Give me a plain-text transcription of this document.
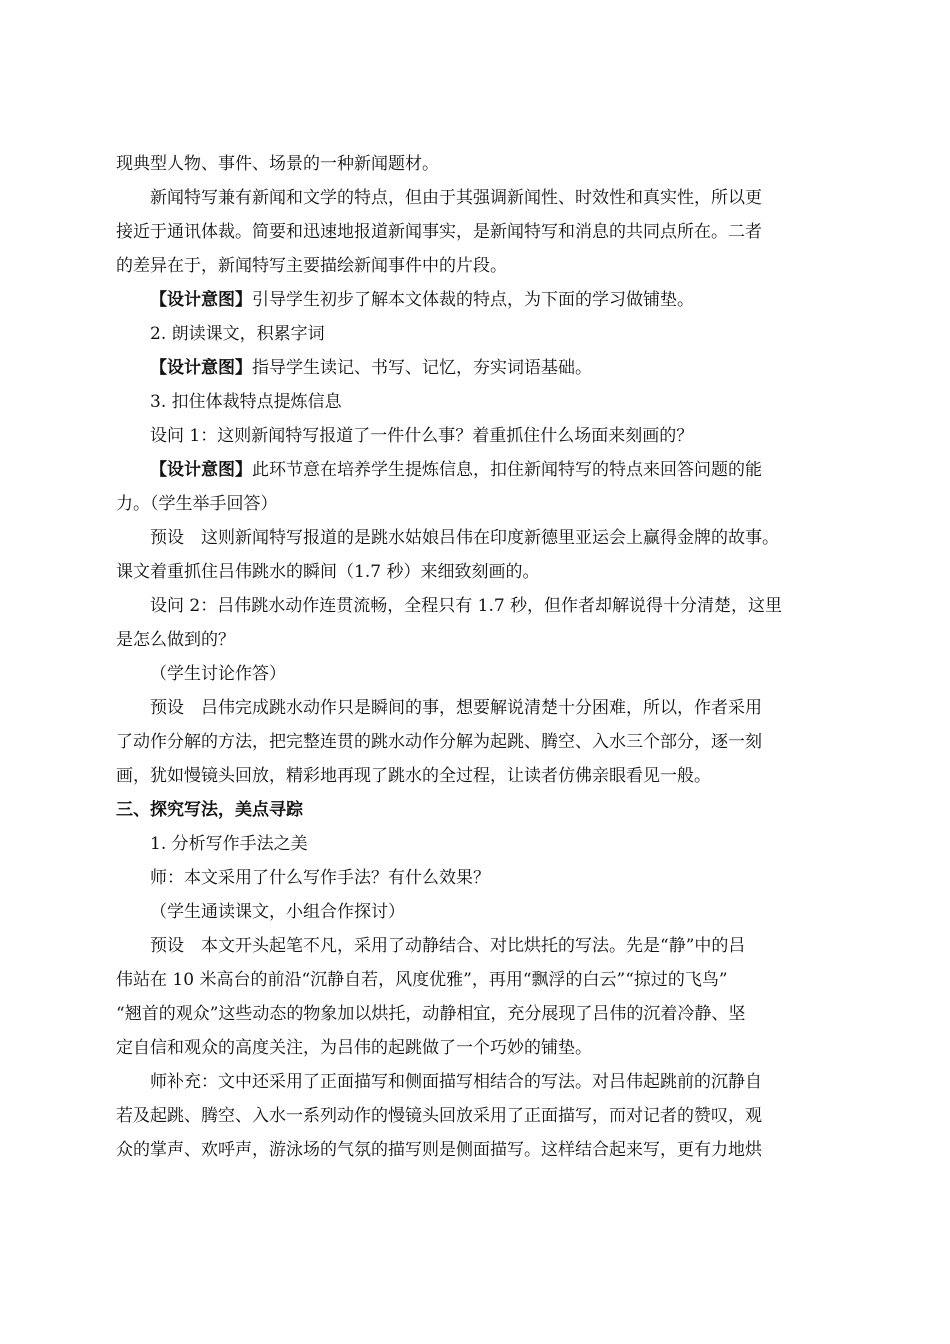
现典型人物、事件、场景的一种新闻题材。
新闻特写兼有新闻和文学的特点，但由于其强调新闻性、时效性和真实性，所以更
接近于通讯体裁。简要和迅速地报道新闻事实，是新闻特写和消息的共同点所在。二者
的差异在于，新闻特写主要描绘新闻事件中的片段。
【设计意图】引导学生初步了解本文体裁的特点，为下面的学习做铺垫。
2. 朗读课文，积累字词
【设计意图】指导学生读记、书写、记忆，夯实词语基础。
3. 扣住体裁特点提炼信息
设问 1：这则新闻特写报道了一件什么事？着重抓住什么场面来刻画的？
【设计意图】此环节意在培养学生提炼信息，扣住新闻特写的特点来回答问题的能
力。（学生举手回答）
预设　这则新闻特写报道的是跳水姑娘吕伟在印度新德里亚运会上赢得金牌的故事。
课文着重抓住吕伟跳水的瞬间（1.7 秒）来细致刻画的。
设问 2：吕伟跳水动作连贯流畅，全程只有 1.7 秒，但作者却解说得十分清楚，这里
是怎么做到的？
（学生讨论作答）
预设　吕伟完成跳水动作只是瞬间的事，想要解说清楚十分困难，所以，作者采用
了动作分解的方法，把完整连贯的跳水动作分解为起跳、腾空、入水三个部分，逐一刻
画，犹如慢镜头回放，精彩地再现了跳水的全过程，让读者仿佛亲眼看见一般。
三、探究写法，美点寻踪
1. 分析写作手法之美
师：本文采用了什么写作手法？有什么效果？
（学生通读课文，小组合作探讨）
预设　本文开头起笔不凡，采用了动静结合、对比烘托的写法。先是“静”中的吕
伟站在 10 米高台的前沿“沉静自若，风度优雅”，再用“飘浮的白云”“掠过的飞鸟”
“翘首的观众”这些动态的物象加以烘托，动静相宜，充分展现了吕伟的沉着冷静、坚
定自信和观众的高度关注，为吕伟的起跳做了一个巧妙的铺垫。
师补充：文中还采用了正面描写和侧面描写相结合的写法。对吕伟起跳前的沉静自
若及起跳、腾空、入水一系列动作的慢镜头回放采用了正面描写，而对记者的赞叹，观
众的掌声、欢呼声，游泳场的气氛的描写则是侧面描写。这样结合起来写，更有力地烘
